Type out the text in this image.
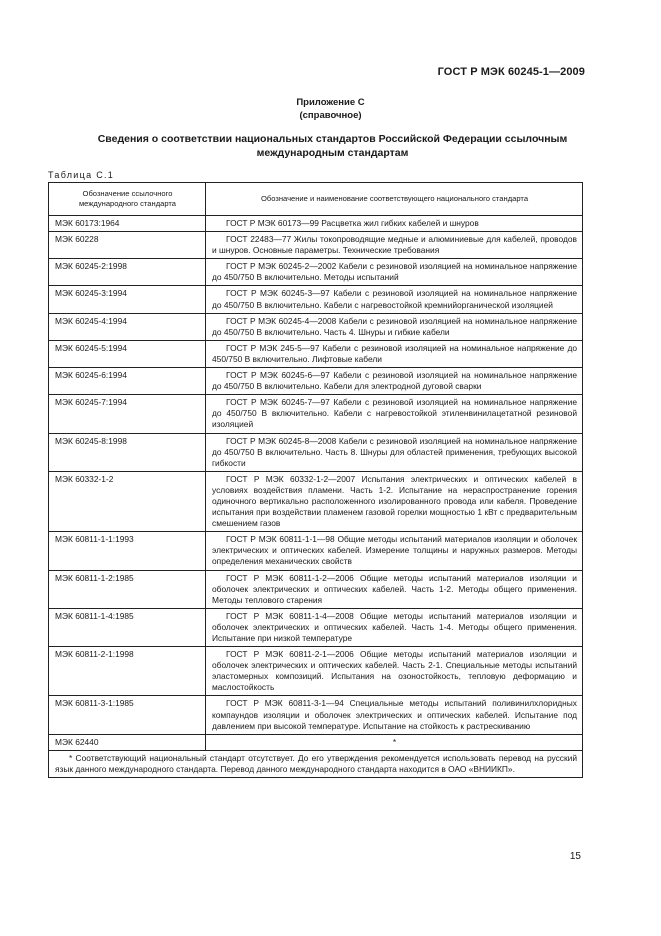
ГОСТ Р МЭК 60245-1—2009
Приложение С
(справочное)
Сведения о соответствии национальных стандартов Российской Федерации ссылочным международным стандартам
Таблица С.1
Обозначение ссылочного международного стандарта	Обозначение и наименование соответствующего национального стандарта
МЭК 60173:1964	ГОСТ Р МЭК 60173—99 Расцветка жил гибких кабелей и шнуров

МЭК 60228	ГОСТ 22483—77 Жилы токопроводящие медные и алюминиевые для кабелей, проводов и шнуров. Основные параметры. Технические требования

МЭК 60245-2:1998	ГОСТ Р МЭК 60245-2—2002 Кабели с резиновой изоляцией на номинальное напряжение до 450/750 В включительно. Методы испытаний

МЭК 60245-3:1994	ГОСТ Р МЭК 60245-3—97 Кабели с резиновой изоляцией на номинальное напряжение до 450/750 В включительно. Кабели с нагревостойкой кремнийорганической изоляцией

МЭК 60245-4:1994	ГОСТ Р МЭК 60245-4—2008 Кабели с резиновой изоляцией на номинальное напряжение до 450/750 В включительно. Часть 4. Шнуры и гибкие кабели

МЭК 60245-5:1994	ГОСТ Р МЭК 245-5—97 Кабели с резиновой изоляцией на номинальное напряжение до 450/750 В включительно. Лифтовые кабели

МЭК 60245-6:1994	ГОСТ Р МЭК 60245-6—97 Кабели с резиновой изоляцией на номинальное напряжение до 450/750 В включительно. Кабели для электродной дуговой сварки

МЭК 60245-7:1994	ГОСТ Р МЭК 60245-7—97 Кабели с резиновой изоляцией на номинальное напряжение до 450/750 В включительно. Кабели с нагревостойкой этиленвинилацетатной резиновой изоляцией

МЭК 60245-8:1998	ГОСТ Р МЭК 60245-8—2008 Кабели с резиновой изоляцией на номинальное напряжение до 450/750 В включительно. Часть 8. Шнуры для областей применения, требующих высокой гибкости

МЭК 60332-1-2	ГОСТ Р МЭК 60332-1-2—2007 Испытания электрических и оптических кабелей в условиях воздействия пламени. Часть 1-2. Испытание на нераспространение горения одиночного вертикально расположенного изолированного провода или кабеля. Проведение испытания при воздействии пламенем газовой горелки мощностью 1 кВт с предварительным смешением газов

МЭК 60811-1-1:1993	ГОСТ Р МЭК 60811-1-1—98 Общие методы испытаний материалов изоляции и оболочек электрических и оптических кабелей. Измерение толщины и наружных размеров. Методы определения механических свойств

МЭК 60811-1-2:1985	ГОСТ Р МЭК 60811-1-2—2006 Общие методы испытаний материалов изоляции и оболочек электрических и оптических кабелей. Часть 1-2. Методы общего применения. Методы теплового старения

МЭК 60811-1-4:1985	ГОСТ Р МЭК 60811-1-4—2008 Общие методы испытаний материалов изоляции и оболочек электрических и оптических кабелей. Часть 1-4. Методы общего применения. Испытание при низкой температуре

МЭК 60811-2-1:1998	ГОСТ Р МЭК 60811-2-1—2006 Общие методы испытаний материалов изоляции и оболочек электрических и оптических кабелей. Часть 2-1. Специальные методы испытаний эластомерных композиций. Испытания на озоностойкость, тепловую деформацию и маслостойкость

МЭК 60811-3-1:1985	ГОСТ Р МЭК 60811-3-1—94 Специальные методы испытаний поливинилхлоридных компаундов изоляции и оболочек электрических и оптических кабелей. Испытание под давлением при высокой температуре. Испытание на стойкость к растрескиванию

МЭК 62440	*

* Соответствующий национальный стандарт отсутствует. До его утверждения рекомендуется использовать перевод на русский язык данного международного стандарта. Перевод данного международного стандарта находится в ОАО «ВНИИКП».	
15
